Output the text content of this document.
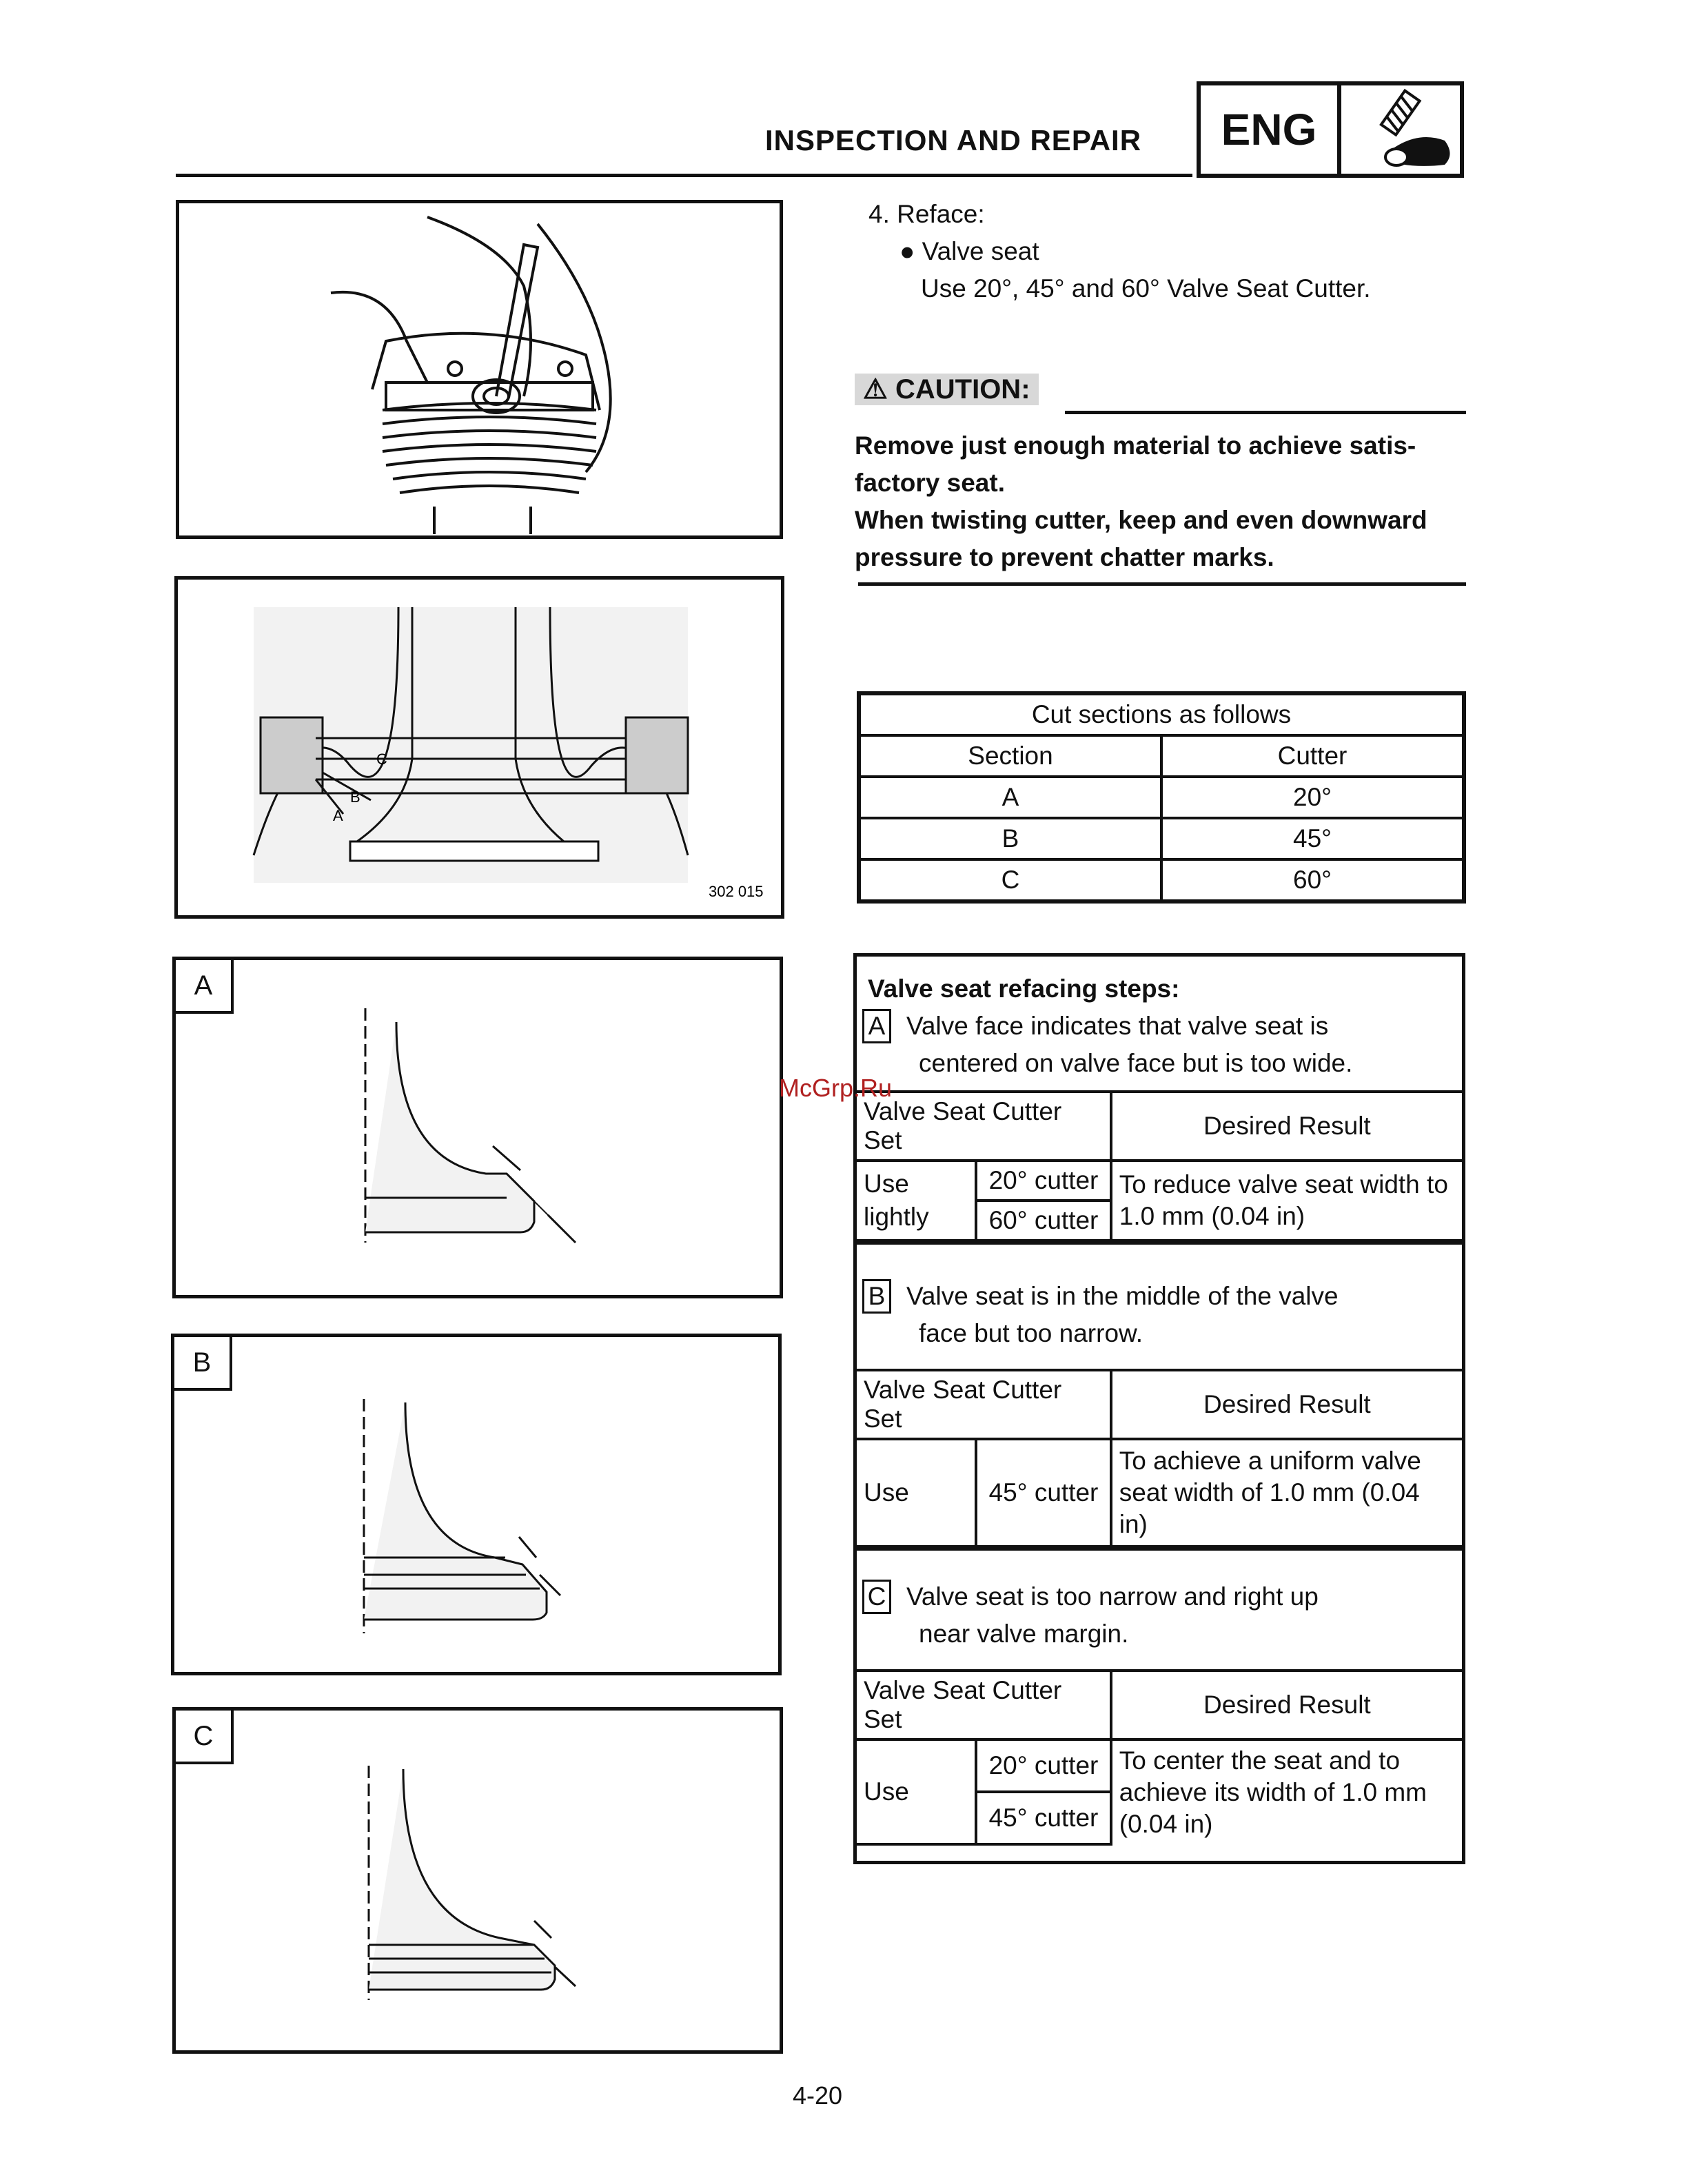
INSPECTION AND REPAIR	ENG
C
B
A
302 015
A
B
C
4. Reface:
● Valve seat
Use 20°, 45° and 60° Valve Seat Cutter.
⚠ CAUTION:
Remove just enough material to achieve satis-
factory seat.
When twisting cutter, keep and even downward
pressure to prevent chatter marks.
Cut sections as follows	
Section	Cutter
A	20°
B	45°
C	60°
Valve seat refacing steps:
A Valve face indicates that valve seat is
centered on valve face but is too wide.
Valve Seat Cutter Set		Desired Result
Use lightly	20° cutter	To reduce valve seat width to 1.0 mm (0.04 in)
	60° cutter	
B Valve seat is in the middle of the valve
face but too narrow.
Valve Seat Cutter Set		Desired Result
Use	45° cutter	To achieve a uniform valve seat width of 1.0 mm (0.04 in)
C Valve seat is too narrow and right up
near valve margin.
Valve Seat Cutter Set		Desired Result
Use	20° cutter	To center the seat and to achieve its width of 1.0 mm (0.04 in)
	45° cutter	
McGrp.Ru
4-20
